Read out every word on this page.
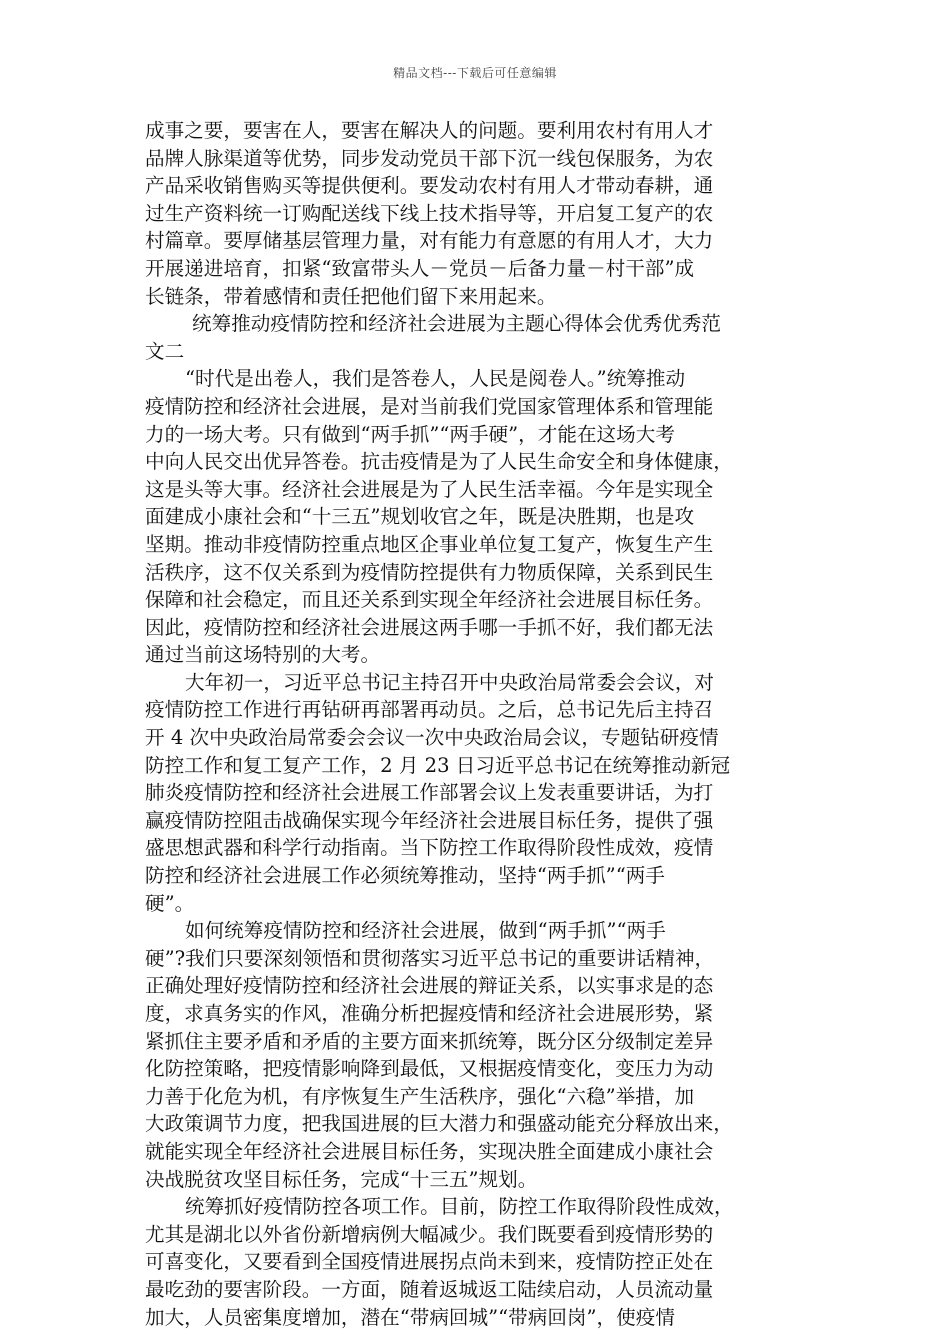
精品文档---下载后可任意编辑
成事之要，要害在人，要害在解决人的问题。要利用农村有用人才
品牌人脉渠道等优势，同步发动党员干部下沉一线包保服务，为农
产品采收销售购买等提供便利。要发动农村有用人才带动春耕，通
过生产资料统一订购配送线下线上技术指导等，开启复工复产的农
村篇章。要厚储基层管理力量，对有能力有意愿的有用人才，大力
开展递进培育，扣紧“致富带头人－党员－后备力量－村干部”成
长链条，带着感情和责任把他们留下来用起来。
统筹推动疫情防控和经济社会进展为主题心得体会优秀优秀范
文二
“时代是出卷人，我们是答卷人，人民是阅卷人。”统筹推动
疫情防控和经济社会进展，是对当前我们党国家管理体系和管理能
力的一场大考。只有做到“两手抓”“两手硬”，才能在这场大考
中向人民交出优异答卷。抗击疫情是为了人民生命安全和身体健康，
这是头等大事。经济社会进展是为了人民生活幸福。今年是实现全
面建成小康社会和“十三五”规划收官之年，既是决胜期，也是攻
坚期。推动非疫情防控重点地区企事业单位复工复产，恢复生产生
活秩序，这不仅关系到为疫情防控提供有力物质保障，关系到民生
保障和社会稳定，而且还关系到实现全年经济社会进展目标任务。
因此，疫情防控和经济社会进展这两手哪一手抓不好，我们都无法
通过当前这场特别的大考。
大年初一，习近平总书记主持召开中央政治局常委会会议，对
疫情防控工作进行再钻研再部署再动员。之后，总书记先后主持召
开 4 次中央政治局常委会会议一次中央政治局会议，专题钻研疫情
防控工作和复工复产工作，2 月 23 日习近平总书记在统筹推动新冠
肺炎疫情防控和经济社会进展工作部署会议上发表重要讲话，为打
赢疫情防控阻击战确保实现今年经济社会进展目标任务，提供了强
盛思想武器和科学行动指南。当下防控工作取得阶段性成效，疫情
防控和经济社会进展工作必须统筹推动，坚持“两手抓”“两手
硬”。
如何统筹疫情防控和经济社会进展，做到“两手抓”“两手
硬”?我们只要深刻领悟和贯彻落实习近平总书记的重要讲话精神，
正确处理好疫情防控和经济社会进展的辩证关系，以实事求是的态
度，求真务实的作风，准确分析把握疫情和经济社会进展形势，紧
紧抓住主要矛盾和矛盾的主要方面来抓统筹，既分区分级制定差异
化防控策略，把疫情影响降到最低，又根据疫情变化，变压力为动
力善于化危为机，有序恢复生产生活秩序，强化“六稳”举措，加
大政策调节力度，把我国进展的巨大潜力和强盛动能充分释放出来，
就能实现全年经济社会进展目标任务，实现决胜全面建成小康社会
决战脱贫攻坚目标任务，完成“十三五”规划。
统筹抓好疫情防控各项工作。目前，防控工作取得阶段性成效，
尤其是湖北以外省份新增病例大幅减少。我们既要看到疫情形势的
可喜变化，又要看到全国疫情进展拐点尚未到来，疫情防控正处在
最吃劲的要害阶段。一方面，随着返城返工陆续启动，人员流动量
加大，人员密集度增加，潜在“带病回城”“带病回岗”，使疫情
